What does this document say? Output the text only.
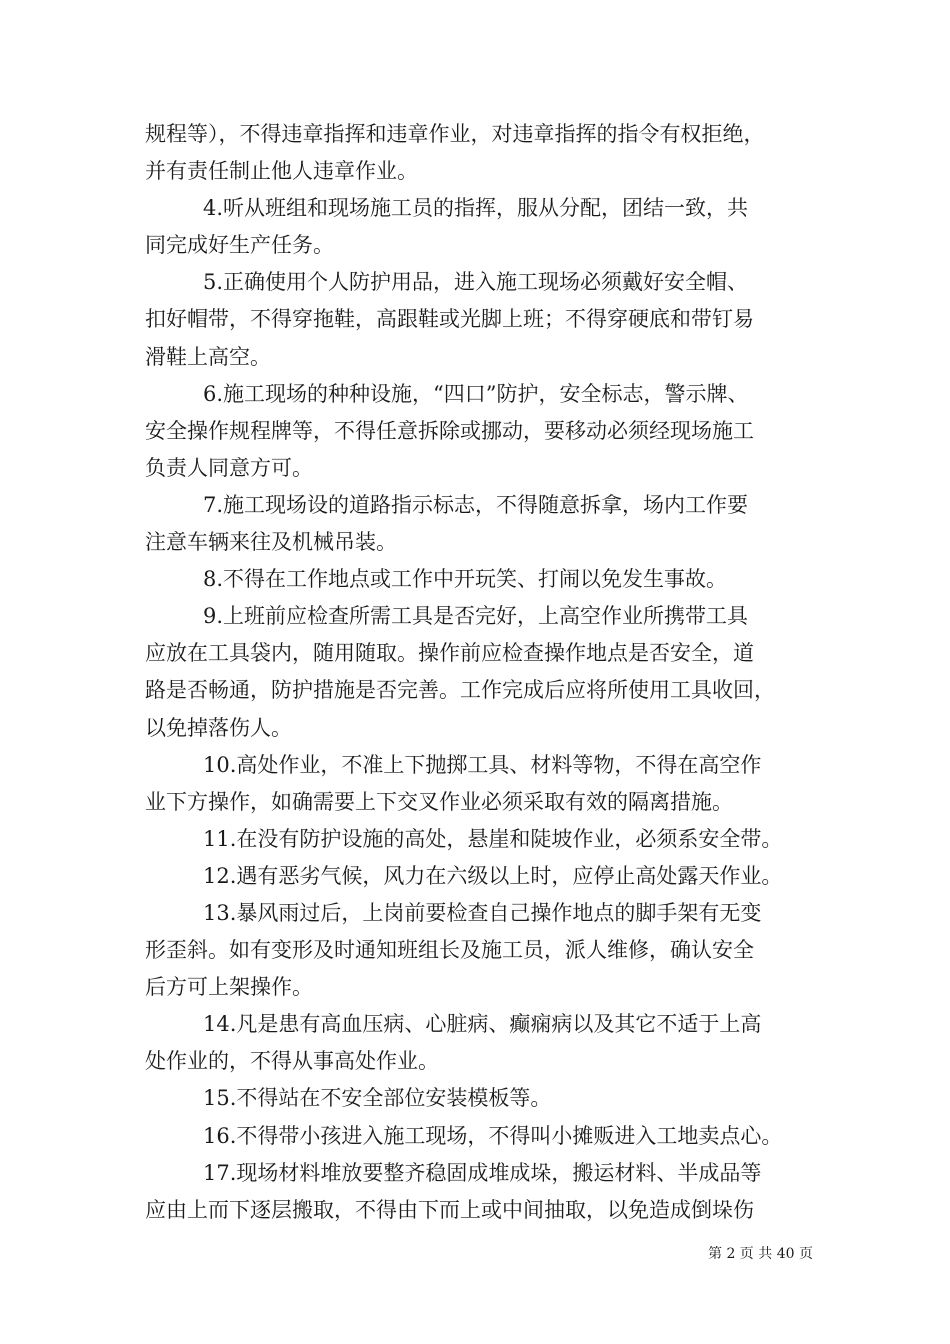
规程等），不得违章指挥和违章作业，对违章指挥的指令有权拒绝，
并有责任制止他人违章作业。
4.听从班组和现场施工员的指挥，服从分配，团结一致，共
同完成好生产任务。
5.正确使用个人防护用品，进入施工现场必须戴好安全帽、
扣好帽带，不得穿拖鞋，高跟鞋或光脚上班；不得穿硬底和带钉易
滑鞋上高空。
6.施工现场的种种设施，“四口”防护，安全标志，警示牌、
安全操作规程牌等，不得任意拆除或挪动，要移动必须经现场施工
负责人同意方可。
7.施工现场设的道路指示标志，不得随意拆拿，场内工作要
注意车辆来往及机械吊装。
8.不得在工作地点或工作中开玩笑、打闹以免发生事故。
9.上班前应检查所需工具是否完好，上高空作业所携带工具
应放在工具袋内，随用随取。操作前应检查操作地点是否安全，道
路是否畅通，防护措施是否完善。工作完成后应将所使用工具收回，
以免掉落伤人。
10.高处作业，不准上下抛掷工具、材料等物，不得在高空作
业下方操作，如确需要上下交叉作业必须采取有效的隔离措施。
11.在没有防护设施的高处，悬崖和陡坡作业，必须系安全带。
12.遇有恶劣气候，风力在六级以上时，应停止高处露天作业。
13.暴风雨过后，上岗前要检查自己操作地点的脚手架有无变
形歪斜。如有变形及时通知班组长及施工员，派人维修，确认安全
后方可上架操作。
14.凡是患有高血压病、心脏病、癫痫病以及其它不适于上高
处作业的，不得从事高处作业。
15.不得站在不安全部位安装模板等。
16.不得带小孩进入施工现场，不得叫小摊贩进入工地卖点心。
17.现场材料堆放要整齐稳固成堆成垛，搬运材料、半成品等
应由上而下逐层搬取，不得由下而上或中间抽取，以免造成倒垛伤
第 2 页 共 40 页
